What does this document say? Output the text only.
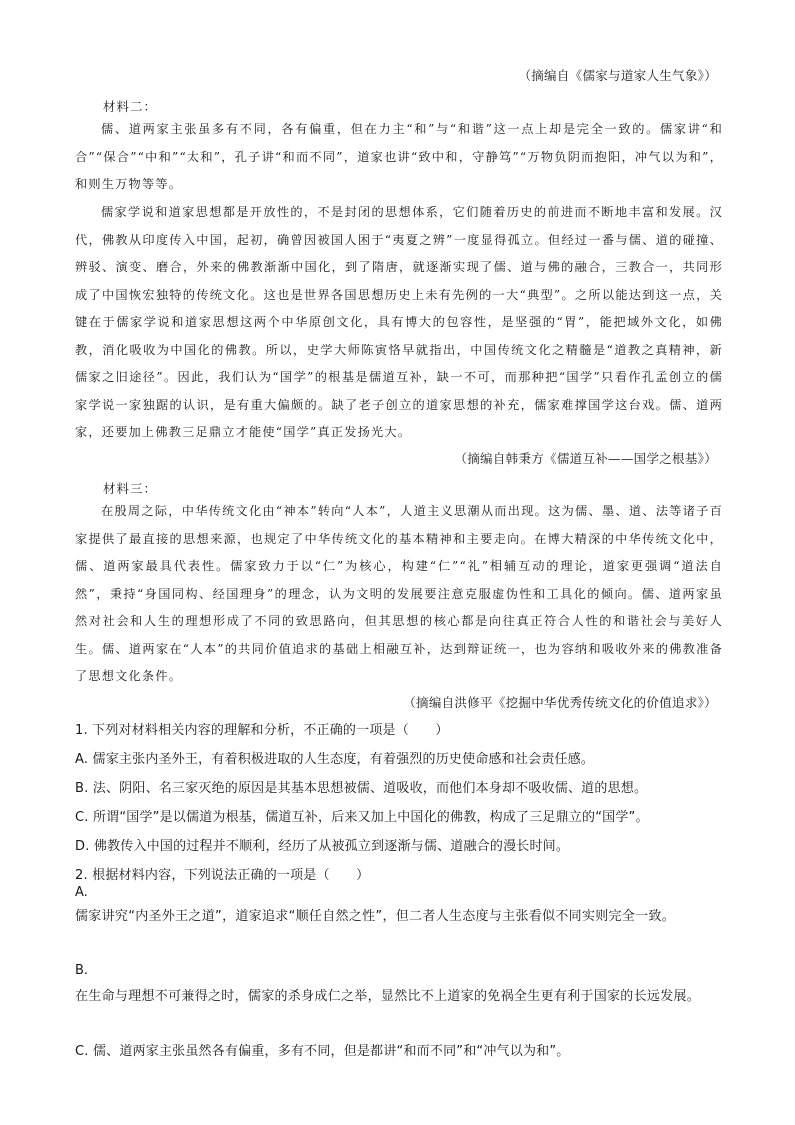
（摘编自《儒家与道家人生气象》）
材料二：

儒、道两家主张虽多有不同，各有偏重，但在力主“和”与“和谐”这一点上却是完全一致的。儒家讲“和合”“保合”“中和”“太和”，孔子讲“和而不同”，道家也讲“致中和，守静笃”“万物负阴而抱阳，冲气以为和”，和则生万物等等。

儒家学说和道家思想都是开放性的，不是封闭的思想体系，它们随着历史的前进而不断地丰富和发展。汉代，佛教从印度传入中国，起初，确曾因被国人困于“夷夏之辨”一度显得孤立。但经过一番与儒、道的碰撞、辨驳、演变、磨合，外来的佛教渐渐中国化，到了隋唐，就逐渐实现了儒、道与佛的融合，三教合一，共同形成了中国恢宏独特的传统文化。这也是世界各国思想历史上未有先例的一大“典型”。之所以能达到这一点，关键在于儒家学说和道家思想这两个中华原创文化，具有博大的包容性，是坚强的“胃”，能把域外文化，如佛教，消化吸收为中国化的佛教。所以，史学大师陈寅恪早就指出，中国传统文化之精髓是“道教之真精神，新儒家之旧途径”。因此，我们认为“国学”的根基是儒道互补，缺一不可，而那种把“国学”只看作孔孟创立的儒家学说一家独踞的认识，是有重大偏颇的。缺了老子创立的道家思想的补充，儒家难撑国学这台戏。儒、道两家，还要加上佛教三足鼎立才能使“国学”真正发扬光大。

（摘编自韩秉方《儒道互补——国学之根基》）
材料三：

在殷周之际，中华传统文化由“神本”转向“人本”，人道主义思潮从而出现。这为儒、墨、道、法等诸子百家提供了最直接的思想来源，也规定了中华传统文化的基本精神和主要走向。在博大精深的中华传统文化中，儒、道两家最具代表性。儒家致力于以“仁”为核心，构建“仁”“礼”相辅互动的理论，道家更强调“道法自然”，秉持“身国同构、经国理身”的理念，认为文明的发展要注意克服虚伪性和工具化的倾向。儒、道两家虽然对社会和人生的理想形成了不同的致思路向，但其思想的核心都是向往真正符合人性的和谐社会与美好人生。儒、道两家在“人本”的共同价值追求的基础上相融互补，达到辩证统一，也为容纳和吸收外来的佛教准备了思想文化条件。

（摘编自洪修平《挖掘中华优秀传统文化的价值追求》）
1. 下列对材料相关内容的理解和分析，不正确的一项是（　　）
A. 儒家主张内圣外王，有着积极进取的人生态度，有着强烈的历史使命感和社会责任感。
B. 法、阴阳、名三家灭绝的原因是其基本思想被儒、道吸收，而他们本身却不吸收儒、道的思想。
C. 所谓“国学”是以儒道为根基，儒道互补，后来又加上中国化的佛教，构成了三足鼎立的“国学”。
D. 佛教传入中国的过程并不顺利，经历了从被孤立到逐渐与儒、道融合的漫长时间。
2. 根据材料内容，下列说法正确的一项是（　　）
A.

儒家讲究“内圣外王之道”，道家追求“顺任自然之性”，但二者人生态度与主张看似不同实则完全一致。

B.

在生命与理想不可兼得之时，儒家的杀身成仁之举，显然比不上道家的免祸全生更有利于国家的长远发展。

C. 儒、道两家主张虽然各有偏重，多有不同，但是都讲“和而不同”和“冲气以为和”。
